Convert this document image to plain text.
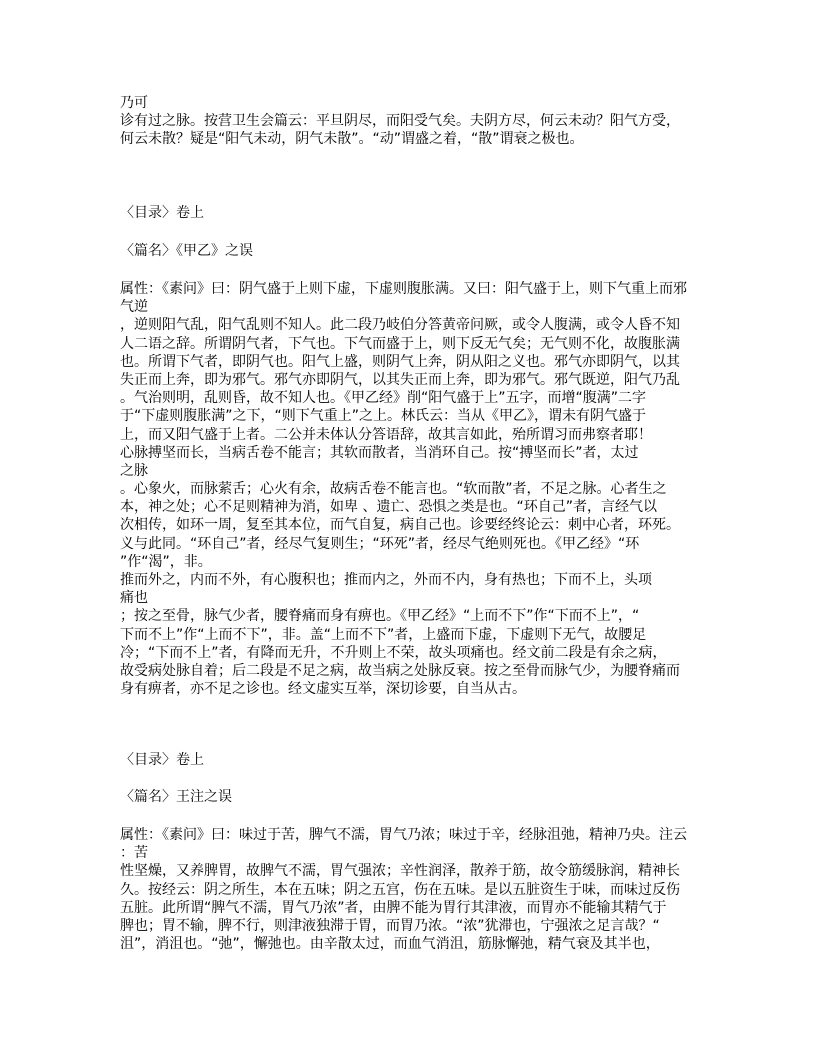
乃可
诊有过之脉。按营卫生会篇云：平旦阴尽，而阳受气矣。夫阴方尽，何云未动？阳气方受，
何云未散？疑是“阳气未动，阴气未散”。“动”谓盛之着，“散”谓衰之极也。
〈目录〉卷上
〈篇名〉《甲乙》之误
属性：《素问》曰：阴气盛于上则下虚，下虚则腹胀满。又曰：阳气盛于上，则下气重上而邪
气逆
，逆则阳气乱，阳气乱则不知人。此二段乃岐伯分答黄帝问厥，或令人腹满，或令人昏不知
人二语之辞。所谓阴气者，下气也。下气而盛于上，则下反无气矣；无气则不化，故腹胀满
也。所谓下气者，即阴气也。阳气上盛，则阴气上奔，阴从阳之义也。邪气亦即阴气，以其
失正而上奔，即为邪气。邪气亦即阴气，以其失正而上奔，即为邪气。邪气既逆，阳气乃乱
。气治则明，乱则昏，故不知人也。《甲乙经》削“阳气盛于上”五字，而增“腹满”二字
于“下虚则腹胀满”之下，“则下气重上”之上。林氏云：当从《甲乙》，谓未有阴气盛于
上，而又阳气盛于上者。二公并未体认分答语辞，故其言如此，殆所谓习而弗察者耶！
心脉搏坚而长，当病舌卷不能言；其软而散者，当消环自己。按“搏坚而长”者，太过
之脉
。心象火，而脉萦舌；心火有余，故病舌卷不能言也。“软而散”者，不足之脉。心者生之
本，神之处；心不足则精神为消，如卑 、遗亡、恐惧之类是也。“环自己”者，言经气以
次相传，如环一周，复至其本位，而气自复，病自己也。诊要经终论云：刺中心者，环死。
义与此同。“环自己”者，经尽气复则生；“环死”者，经尽气绝则死也。《甲乙经》“环
”作“渴”，非。
推而外之，内而不外，有心腹积也；推而内之，外而不内，身有热也；下而不上，头项
痛也
；按之至骨，脉气少者，腰脊痛而身有痹也。《甲乙经》“上而不下”作“下而不上”，“
下而不上”作“上而不下”，非。盖“上而不下”者，上盛而下虚，下虚则下无气，故腰足
冷；“下而不上”者，有降而无升，不升则上不荣，故头项痛也。经文前二段是有余之病，
故受病处脉自着；后二段是不足之病，故当病之处脉反衰。按之至骨而脉气少，为腰脊痛而
身有痹者，亦不足之诊也。经文虚实互举，深切诊要，自当从古。
〈目录〉卷上
〈篇名〉王注之误
属性：《素问》曰：味过于苦，脾气不濡，胃气乃浓；味过于辛，经脉沮弛，精神乃央。注云
：苦
性坚燥，又养脾胃，故脾气不濡，胃气强浓；辛性润泽，散养于筋，故令筋缓脉润，精神长
久。按经云：阴之所生，本在五味；阴之五宫，伤在五味。是以五脏资生于味，而味过反伤
五脏。此所谓“脾气不濡，胃气乃浓”者，由脾不能为胃行其津液，而胃亦不能输其精气于
脾也；胃不输，脾不行，则津液独滞于胃，而胃乃浓。“浓”犹滞也，宁强浓之足言哉？“
沮”，消沮也。“弛”，懈弛也。由辛散太过，而血气消沮，筋脉懈弛，精气衰及其半也，
